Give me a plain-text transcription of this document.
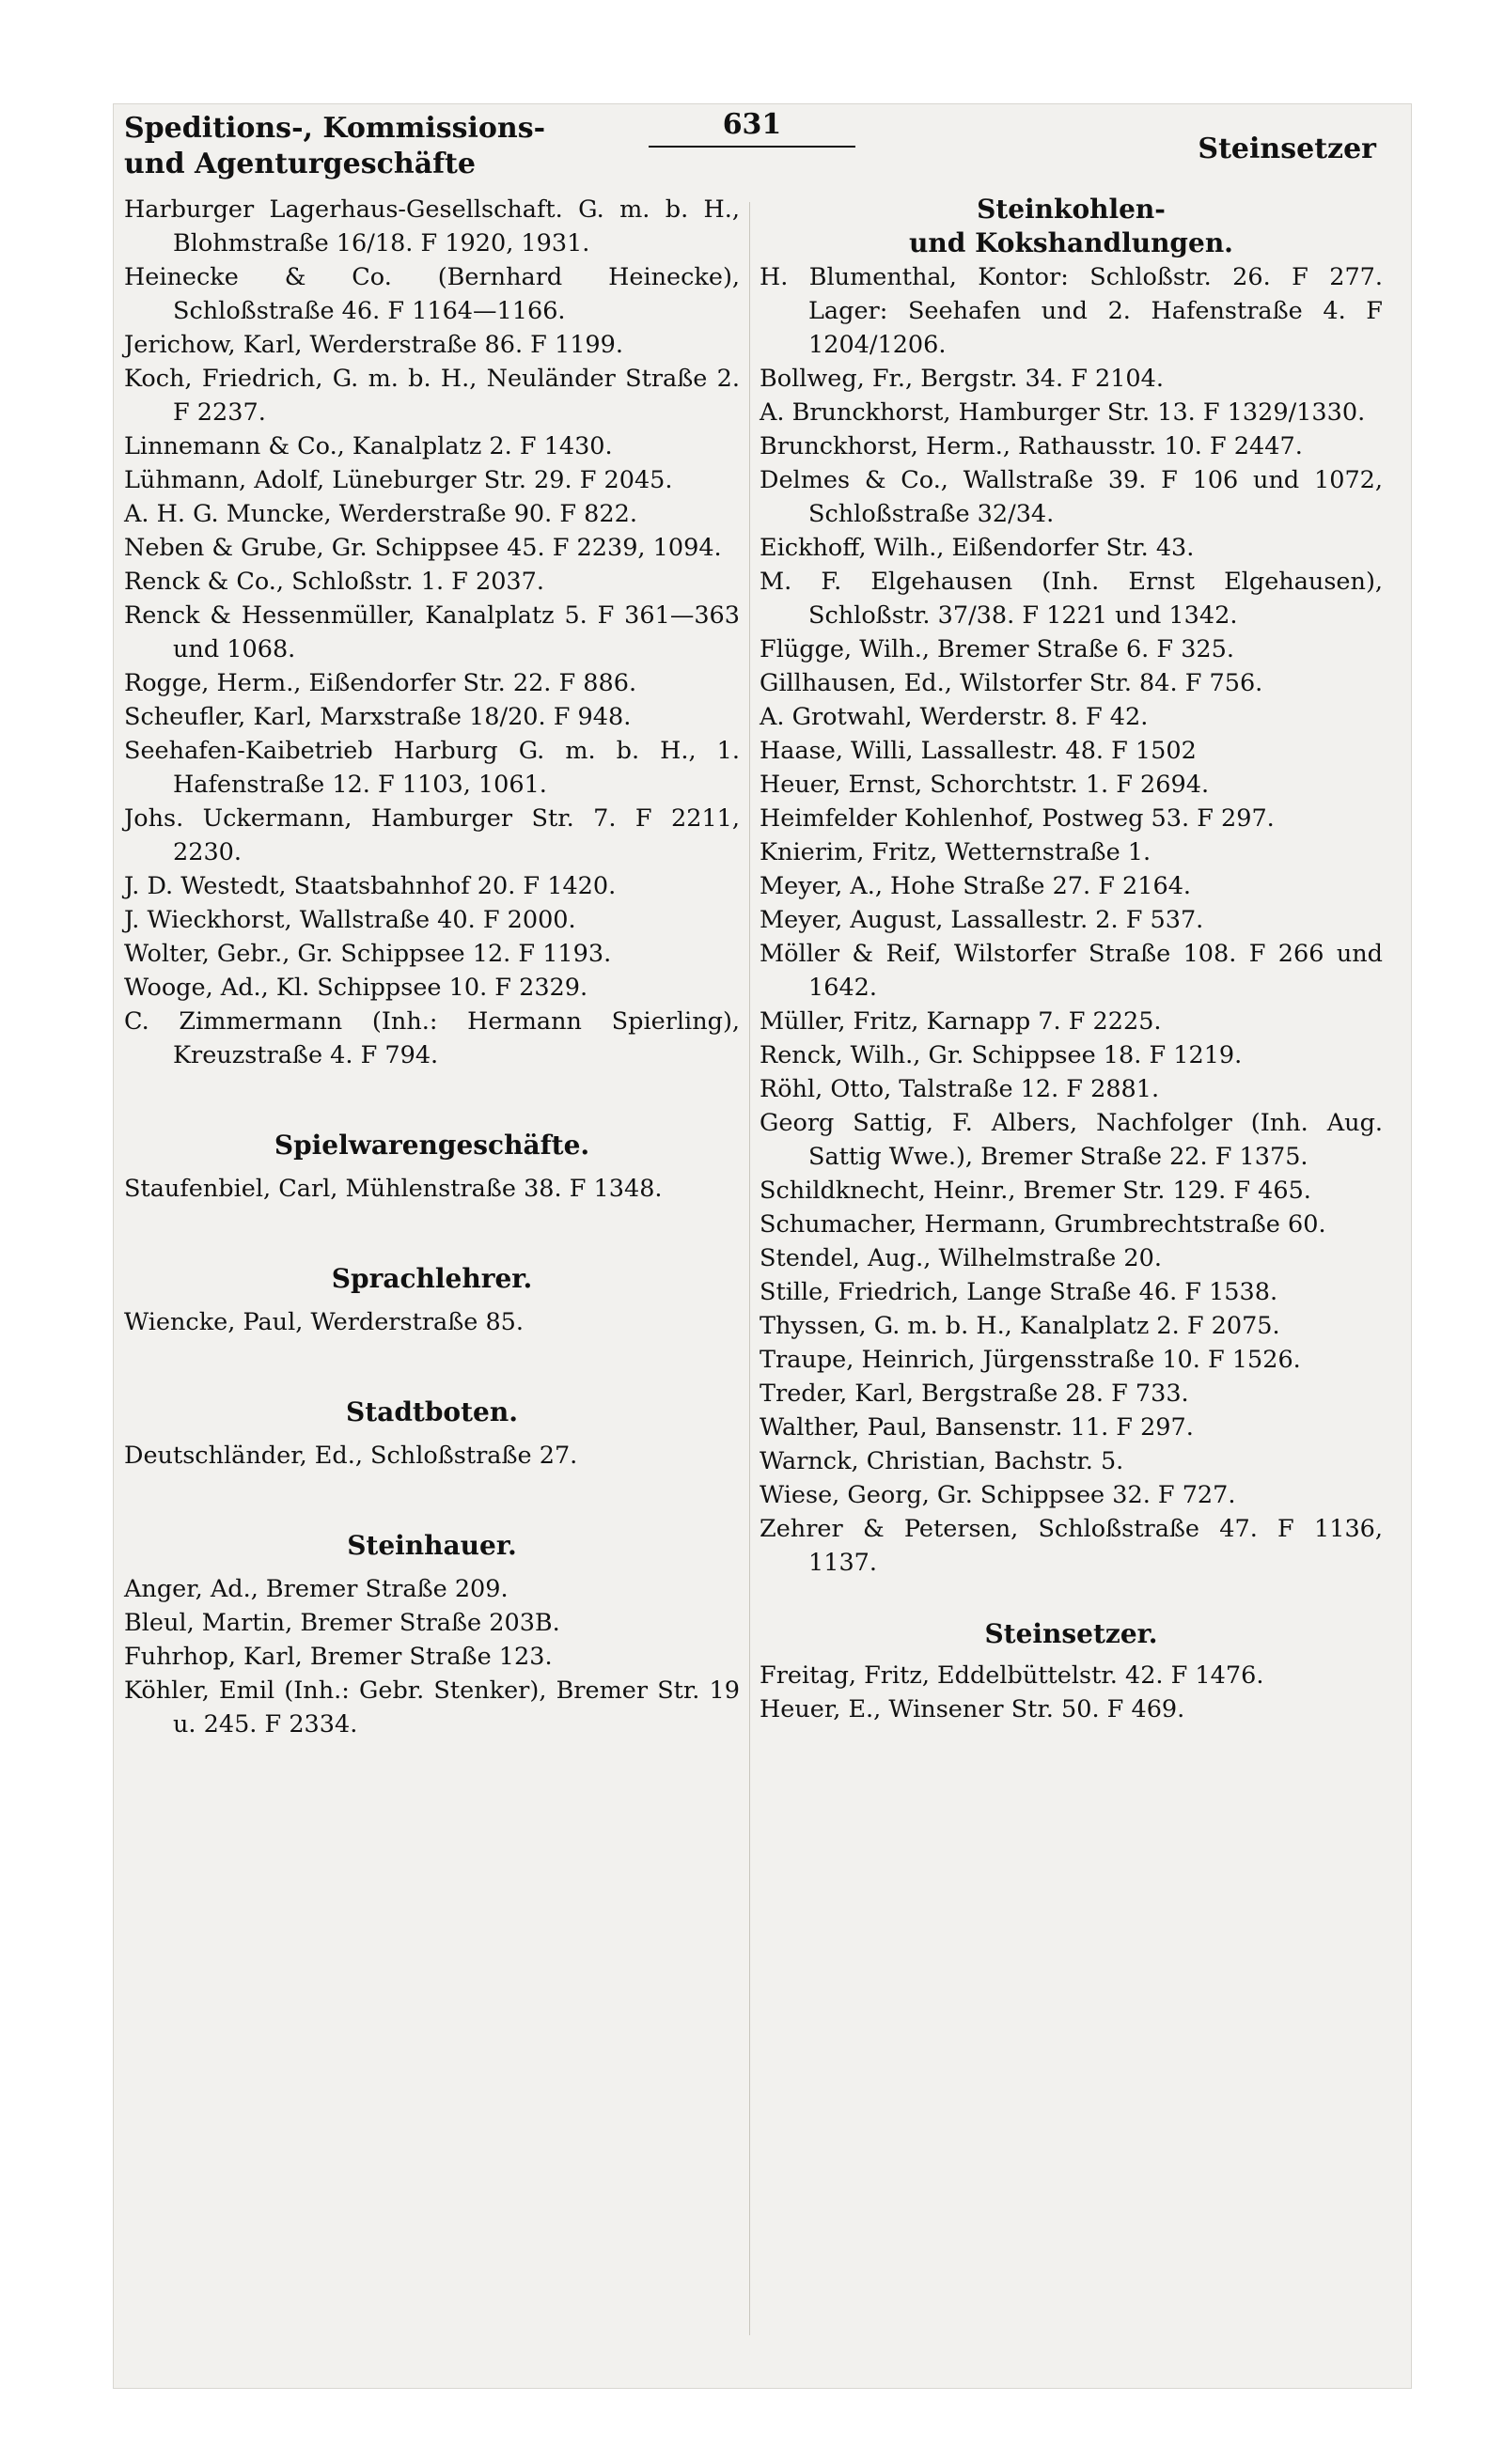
Speditions-, Kommissions-
und Agenturgeschäfte
631
Steinsetzer

Harburger Lagerhaus-Gesellschaft. G. m. b. H., Blohmstraße 16/18. F 1920, 1931.

Heinecke & Co. (Bernhard Heinecke), Schloßstraße 46. F 1164—1166.

Jerichow, Karl, Werderstraße 86. F 1199.

Koch, Friedrich, G. m. b. H., Neuländer Straße 2. F 2237.

Linnemann & Co., Kanalplatz 2. F 1430.

Lühmann, Adolf, Lüneburger Str. 29. F 2045.

A. H. G. Muncke, Werderstraße 90. F 822.

Neben & Grube, Gr. Schippsee 45. F 2239, 1094.

Renck & Co., Schloßstr. 1. F 2037.

Renck & Hessenmüller, Kanalplatz 5. F 361—363 und 1068.

Rogge, Herm., Eißendorfer Str. 22. F 886.

Scheufler, Karl, Marxstraße 18/20. F 948.

Seehafen-Kaibetrieb Harburg G. m. b. H., 1. Hafenstraße 12. F 1103, 1061.

Johs. Uckermann, Hamburger Str. 7. F 2211, 2230.

J. D. Westedt, Staatsbahnhof 20. F 1420.

J. Wieckhorst, Wallstraße 40. F 2000.

Wolter, Gebr., Gr. Schippsee 12. F 1193.

Wooge, Ad., Kl. Schippsee 10. F 2329.

C. Zimmermann (Inh.: Hermann Spierling), Kreuzstraße 4. F 794.

Spielwarengeschäfte.

Staufenbiel, Carl, Mühlenstraße 38. F 1348.

Sprachlehrer.

Wiencke, Paul, Werderstraße 85.

Stadtboten.

Deutschländer, Ed., Schloßstraße 27.

Steinhauer.

Anger, Ad., Bremer Straße 209.

Bleul, Martin, Bremer Straße 203B.

Fuhrhop, Karl, Bremer Straße 123.

Köhler, Emil (Inh.: Gebr. Stenker), Bremer Str. 19 u. 245. F 2334.

Steinkohlen-

und Kokshandlungen.

H. Blumenthal, Kontor: Schloßstr. 26. F 277. Lager: Seehafen und 2. Hafenstraße 4. F 1204/1206.

Bollweg, Fr., Bergstr. 34. F 2104.

A. Brunckhorst, Hamburger Str. 13. F 1329/1330.

Brunckhorst, Herm., Rathausstr. 10. F 2447.

Delmes & Co., Wallstraße 39. F 106 und 1072, Schloßstraße 32/34.

Eickhoff, Wilh., Eißendorfer Str. 43.

M. F. Elgehausen (Inh. Ernst Elgehausen), Schloßstr. 37/38. F 1221 und 1342.

Flügge, Wilh., Bremer Straße 6. F 325.

Gillhausen, Ed., Wilstorfer Str. 84. F 756.

A. Grotwahl, Werderstr. 8. F 42.

Haase, Willi, Lassallestr. 48. F 1502

Heuer, Ernst, Schorchtstr. 1. F 2694.

Heimfelder Kohlenhof, Postweg 53. F 297.

Knierim, Fritz, Wetternstraße 1.

Meyer, A., Hohe Straße 27. F 2164.

Meyer, August, Lassallestr. 2. F 537.

Möller & Reif, Wilstorfer Straße 108. F 266 und 1642.

Müller, Fritz, Karnapp 7. F 2225.

Renck, Wilh., Gr. Schippsee 18. F 1219.

Röhl, Otto, Talstraße 12. F 2881.

Georg Sattig, F. Albers, Nachfolger (Inh. Aug. Sattig Wwe.), Bremer Straße 22. F 1375.

Schildknecht, Heinr., Bremer Str. 129. F 465.

Schumacher, Hermann, Grumbrechtstraße 60.

Stendel, Aug., Wilhelmstraße 20.

Stille, Friedrich, Lange Straße 46. F 1538.

Thyssen, G. m. b. H., Kanalplatz 2. F 2075.

Traupe, Heinrich, Jürgensstraße 10. F 1526.

Treder, Karl, Bergstraße 28. F 733.

Walther, Paul, Bansenstr. 11. F 297.

Warnck, Christian, Bachstr. 5.

Wiese, Georg, Gr. Schippsee 32. F 727.

Zehrer & Petersen, Schloßstraße 47. F 1136, 1137.

Steinsetzer.

Freitag, Fritz, Eddelbüttelstr. 42. F 1476.

Heuer, E., Winsener Str. 50. F 469.
